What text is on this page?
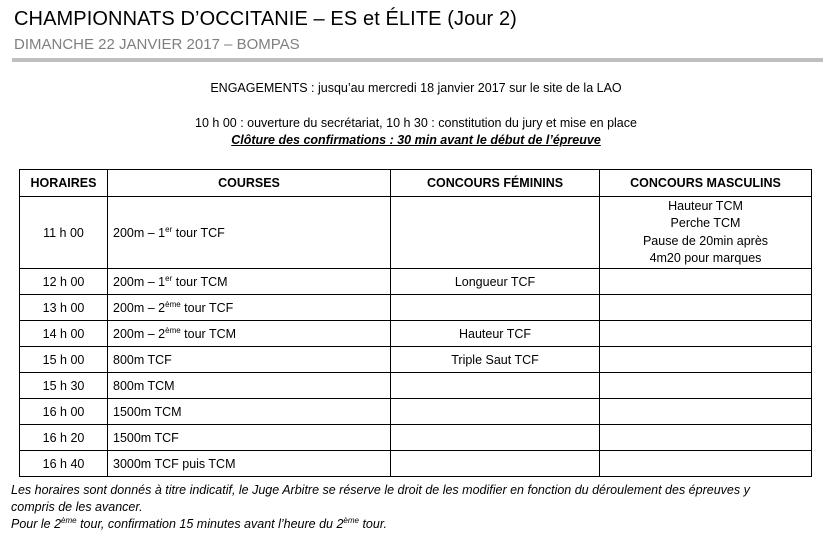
CHAMPIONNATS D’OCCITANIE – ES et ÉLITE (Jour 2)
DIMANCHE 22 JANVIER 2017 – BOMPAS
ENGAGEMENTS : jusqu’au mercredi 18 janvier 2017 sur le site de la LAO
10 h 00 : ouverture du secrétariat, 10 h 30 : constitution du jury et mise en place
Clôture des confirmations : 30 min avant le début de l’épreuve
HORAIRES	COURSES	CONCOURS FÉMININS	CONCOURS MASCULINS
11 h 00	200m – 1er tour TCF		Hauteur TCM
Perche TCM
Pause de 20min après
4m20 pour marques

12 h 00	200m – 1er tour TCM	Longueur TCF	
13 h 00	200m – 2ème tour TCF		
14 h 00	200m – 2ème tour TCM	Hauteur TCF	
15 h 00	800m TCF	Triple Saut TCF	
15 h 30	800m TCM		
16 h 00	1500m TCM		
16 h 20	1500m TCF		
16 h 40	3000m TCF puis TCM		
Les horaires sont donnés à titre indicatif, le Juge Arbitre se réserve le droit de les modifier en fonction du déroulement des épreuves y
compris de les avancer.
Pour le 2ème tour, confirmation 15 minutes avant l’heure du 2ème tour.
